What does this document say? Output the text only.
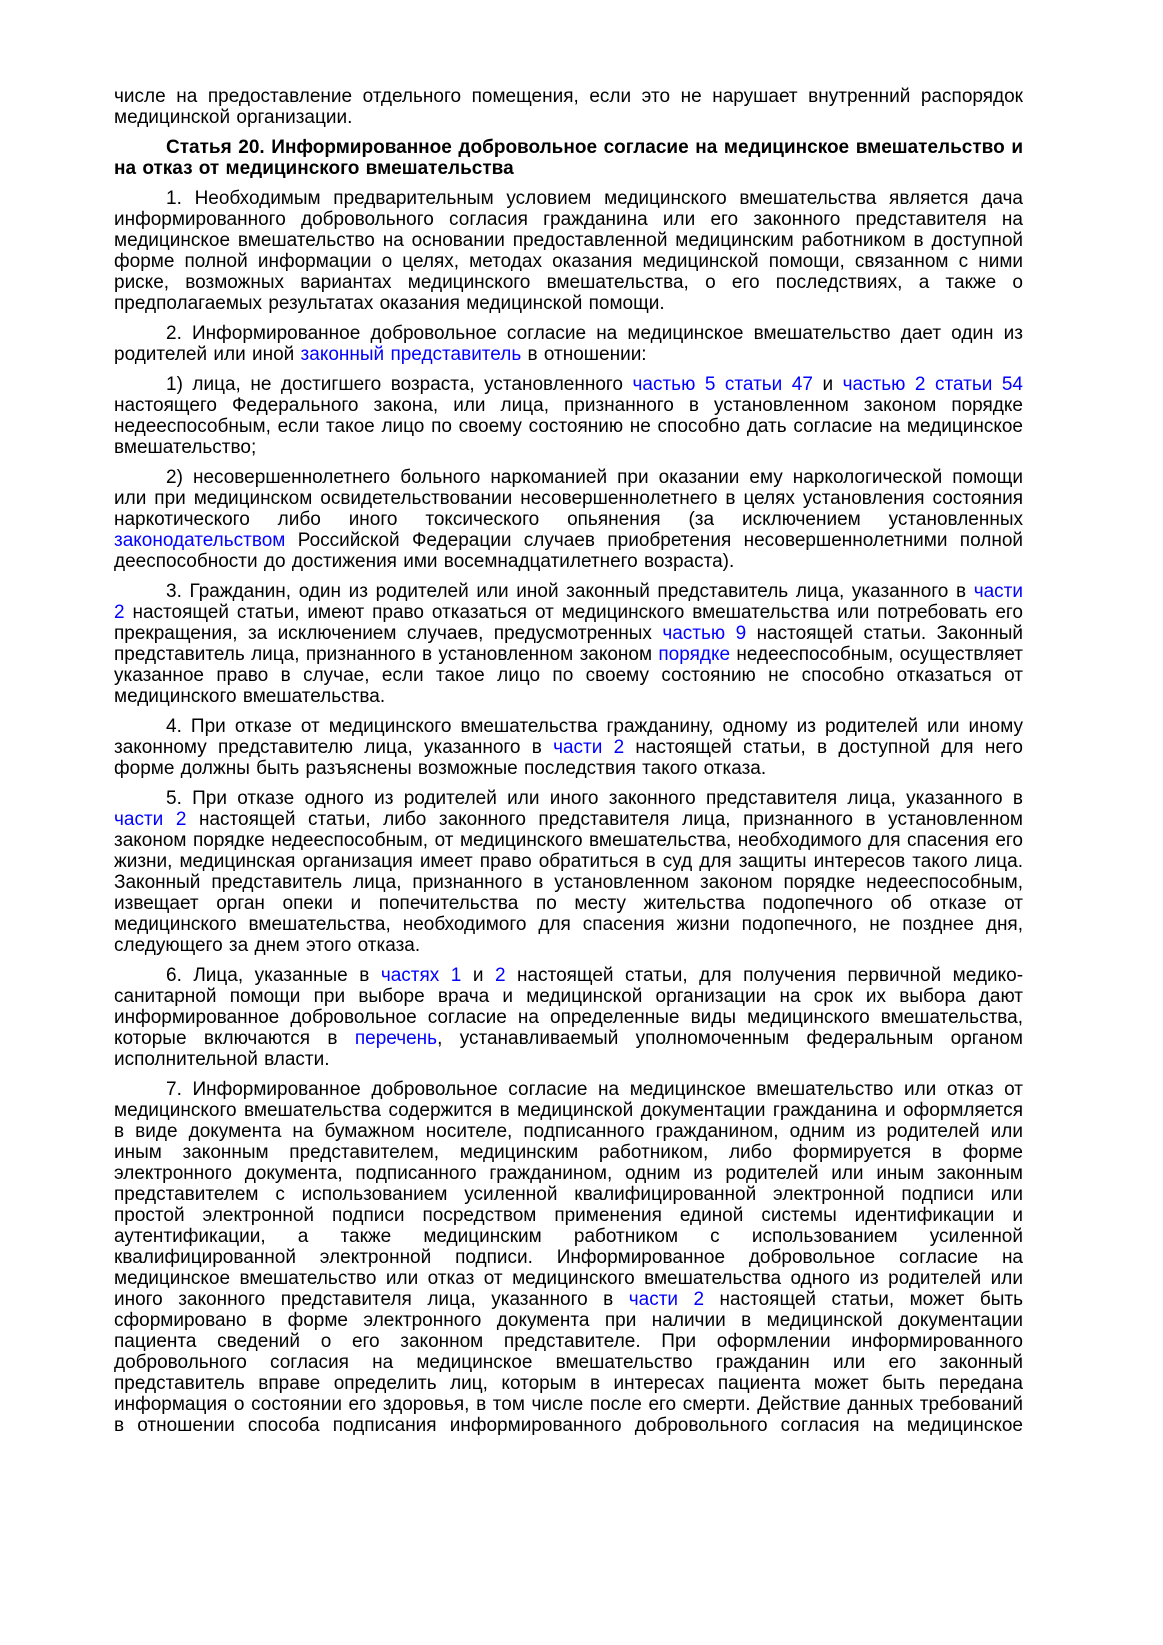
числе на предоставление отдельного помещения, если это не нарушает внутренний распорядок медицинской организации.

Статья 20. Информированное добровольное согласие на медицинское вмешательство и на отказ от медицинского вмешательства

1. Необходимым предварительным условием медицинского вмешательства является дача информированного добровольного согласия гражданина или его законного представителя на медицинское вмешательство на основании предоставленной медицинским работником в доступной форме полной информации о целях, методах оказания медицинской помощи, связанном с ними риске, возможных вариантах медицинского вмешательства, о его последствиях, а также о предполагаемых результатах оказания медицинской помощи.

2. Информированное добровольное согласие на медицинское вмешательство дает один из родителей или иной законный представитель в отношении:

1) лица, не достигшего возраста, установленного частью 5 статьи 47 и частью 2 статьи 54 настоящего Федерального закона, или лица, признанного в установленном законом порядке недееспособным, если такое лицо по своему состоянию не способно дать согласие на медицинское вмешательство;

2) несовершеннолетнего больного наркоманией при оказании ему наркологической помощи или при медицинском освидетельствовании несовершеннолетнего в целях установления состояния наркотического либо иного токсического опьянения (за исключением установленных законодательством Российской Федерации случаев приобретения несовершеннолетними полной дееспособности до достижения ими восемнадцатилетнего возраста).

3. Гражданин, один из родителей или иной законный представитель лица, указанного в части 2 настоящей статьи, имеют право отказаться от медицинского вмешательства или потребовать его прекращения, за исключением случаев, предусмотренных частью 9 настоящей статьи. Законный представитель лица, признанного в установленном законом порядке недееспособным, осуществляет указанное право в случае, если такое лицо по своему состоянию не способно отказаться от медицинского вмешательства.

4. При отказе от медицинского вмешательства гражданину, одному из родителей или иному законному представителю лица, указанного в части 2 настоящей статьи, в доступной для него форме должны быть разъяснены возможные последствия такого отказа.

5. При отказе одного из родителей или иного законного представителя лица, указанного в части 2 настоящей статьи, либо законного представителя лица, признанного в установленном законом порядке недееспособным, от медицинского вмешательства, необходимого для спасения его жизни, медицинская организация имеет право обратиться в суд для защиты интересов такого лица. Законный представитель лица, признанного в установленном законом порядке недееспособным, извещает орган опеки и попечительства по месту жительства подопечного об отказе от медицинского вмешательства, необходимого для спасения жизни подопечного, не позднее дня, следующего за днем этого отказа.

6. Лица, указанные в частях 1 и 2 настоящей статьи, для получения первичной медико-санитарной помощи при выборе врача и медицинской организации на срок их выбора дают информированное добровольное согласие на определенные виды медицинского вмешательства, которые включаются в перечень, устанавливаемый уполномоченным федеральным органом исполнительной власти.

7. Информированное добровольное согласие на медицинское вмешательство или отказ от медицинского вмешательства содержится в медицинской документации гражданина и оформляется в виде документа на бумажном носителе, подписанного гражданином, одним из родителей или иным законным представителем, медицинским работником, либо формируется в форме электронного документа, подписанного гражданином, одним из родителей или иным законным представителем с использованием усиленной квалифицированной электронной подписи или простой электронной подписи посредством применения единой системы идентификации и аутентификации, а также медицинским работником с использованием усиленной квалифицированной электронной подписи. Информированное добровольное согласие на медицинское вмешательство или отказ от медицинского вмешательства одного из родителей или иного законного представителя лица, указанного в части 2 настоящей статьи, может быть сформировано в форме электронного документа при наличии в медицинской документации пациента сведений о его законном представителе. При оформлении информированного добровольного согласия на медицинское вмешательство гражданин или его законный представитель вправе определить лиц, которым в интересах пациента может быть передана информация о состоянии его здоровья, в том числе после его смерти. Действие данных требований в отношении способа подписания информированного добровольного согласия на медицинское
